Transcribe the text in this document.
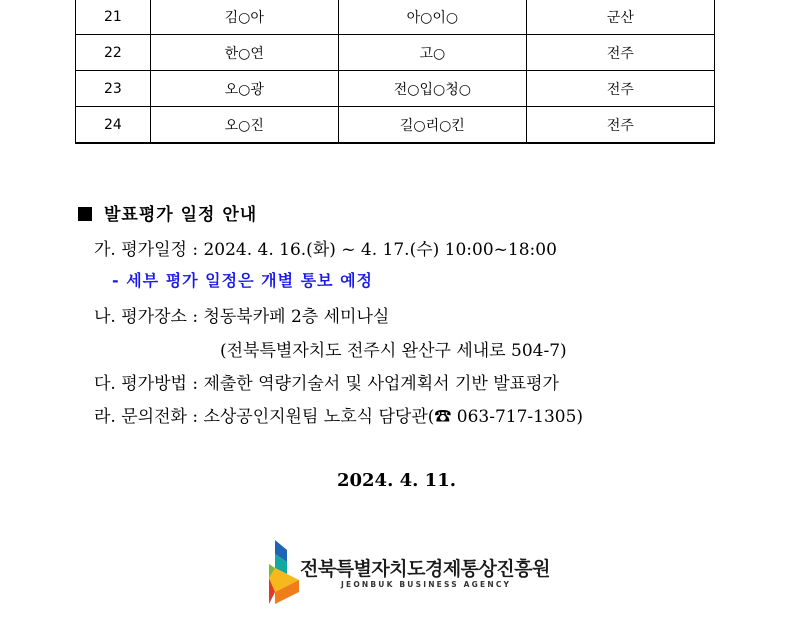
21	김○아	아○이○	군산
22	한○연	고○	전주
23	오○광	전○입○청○	전주
24	오○진	길○리○킨	전주
발표평가 일정 안내
가. 평가일정 : 2024. 4. 16.(화) ~ 4. 17.(수) 10:00~18:00
- 세부 평가 일정은 개별 통보 예정
나. 평가장소 : 청동북카페 2층 세미나실
(전북특별자치도 전주시 완산구 세내로 504-7)
다. 평가방법 : 제출한 역량기술서 및 사업계획서 기반 발표평가
라. 문의전화 : 소상공인지원팀 노호식 담당관(☎ 063-717-1305)
2024. 4. 11.
전북특별자치도경제통상진흥원
JEONBUK BUSINESS AGENCY
